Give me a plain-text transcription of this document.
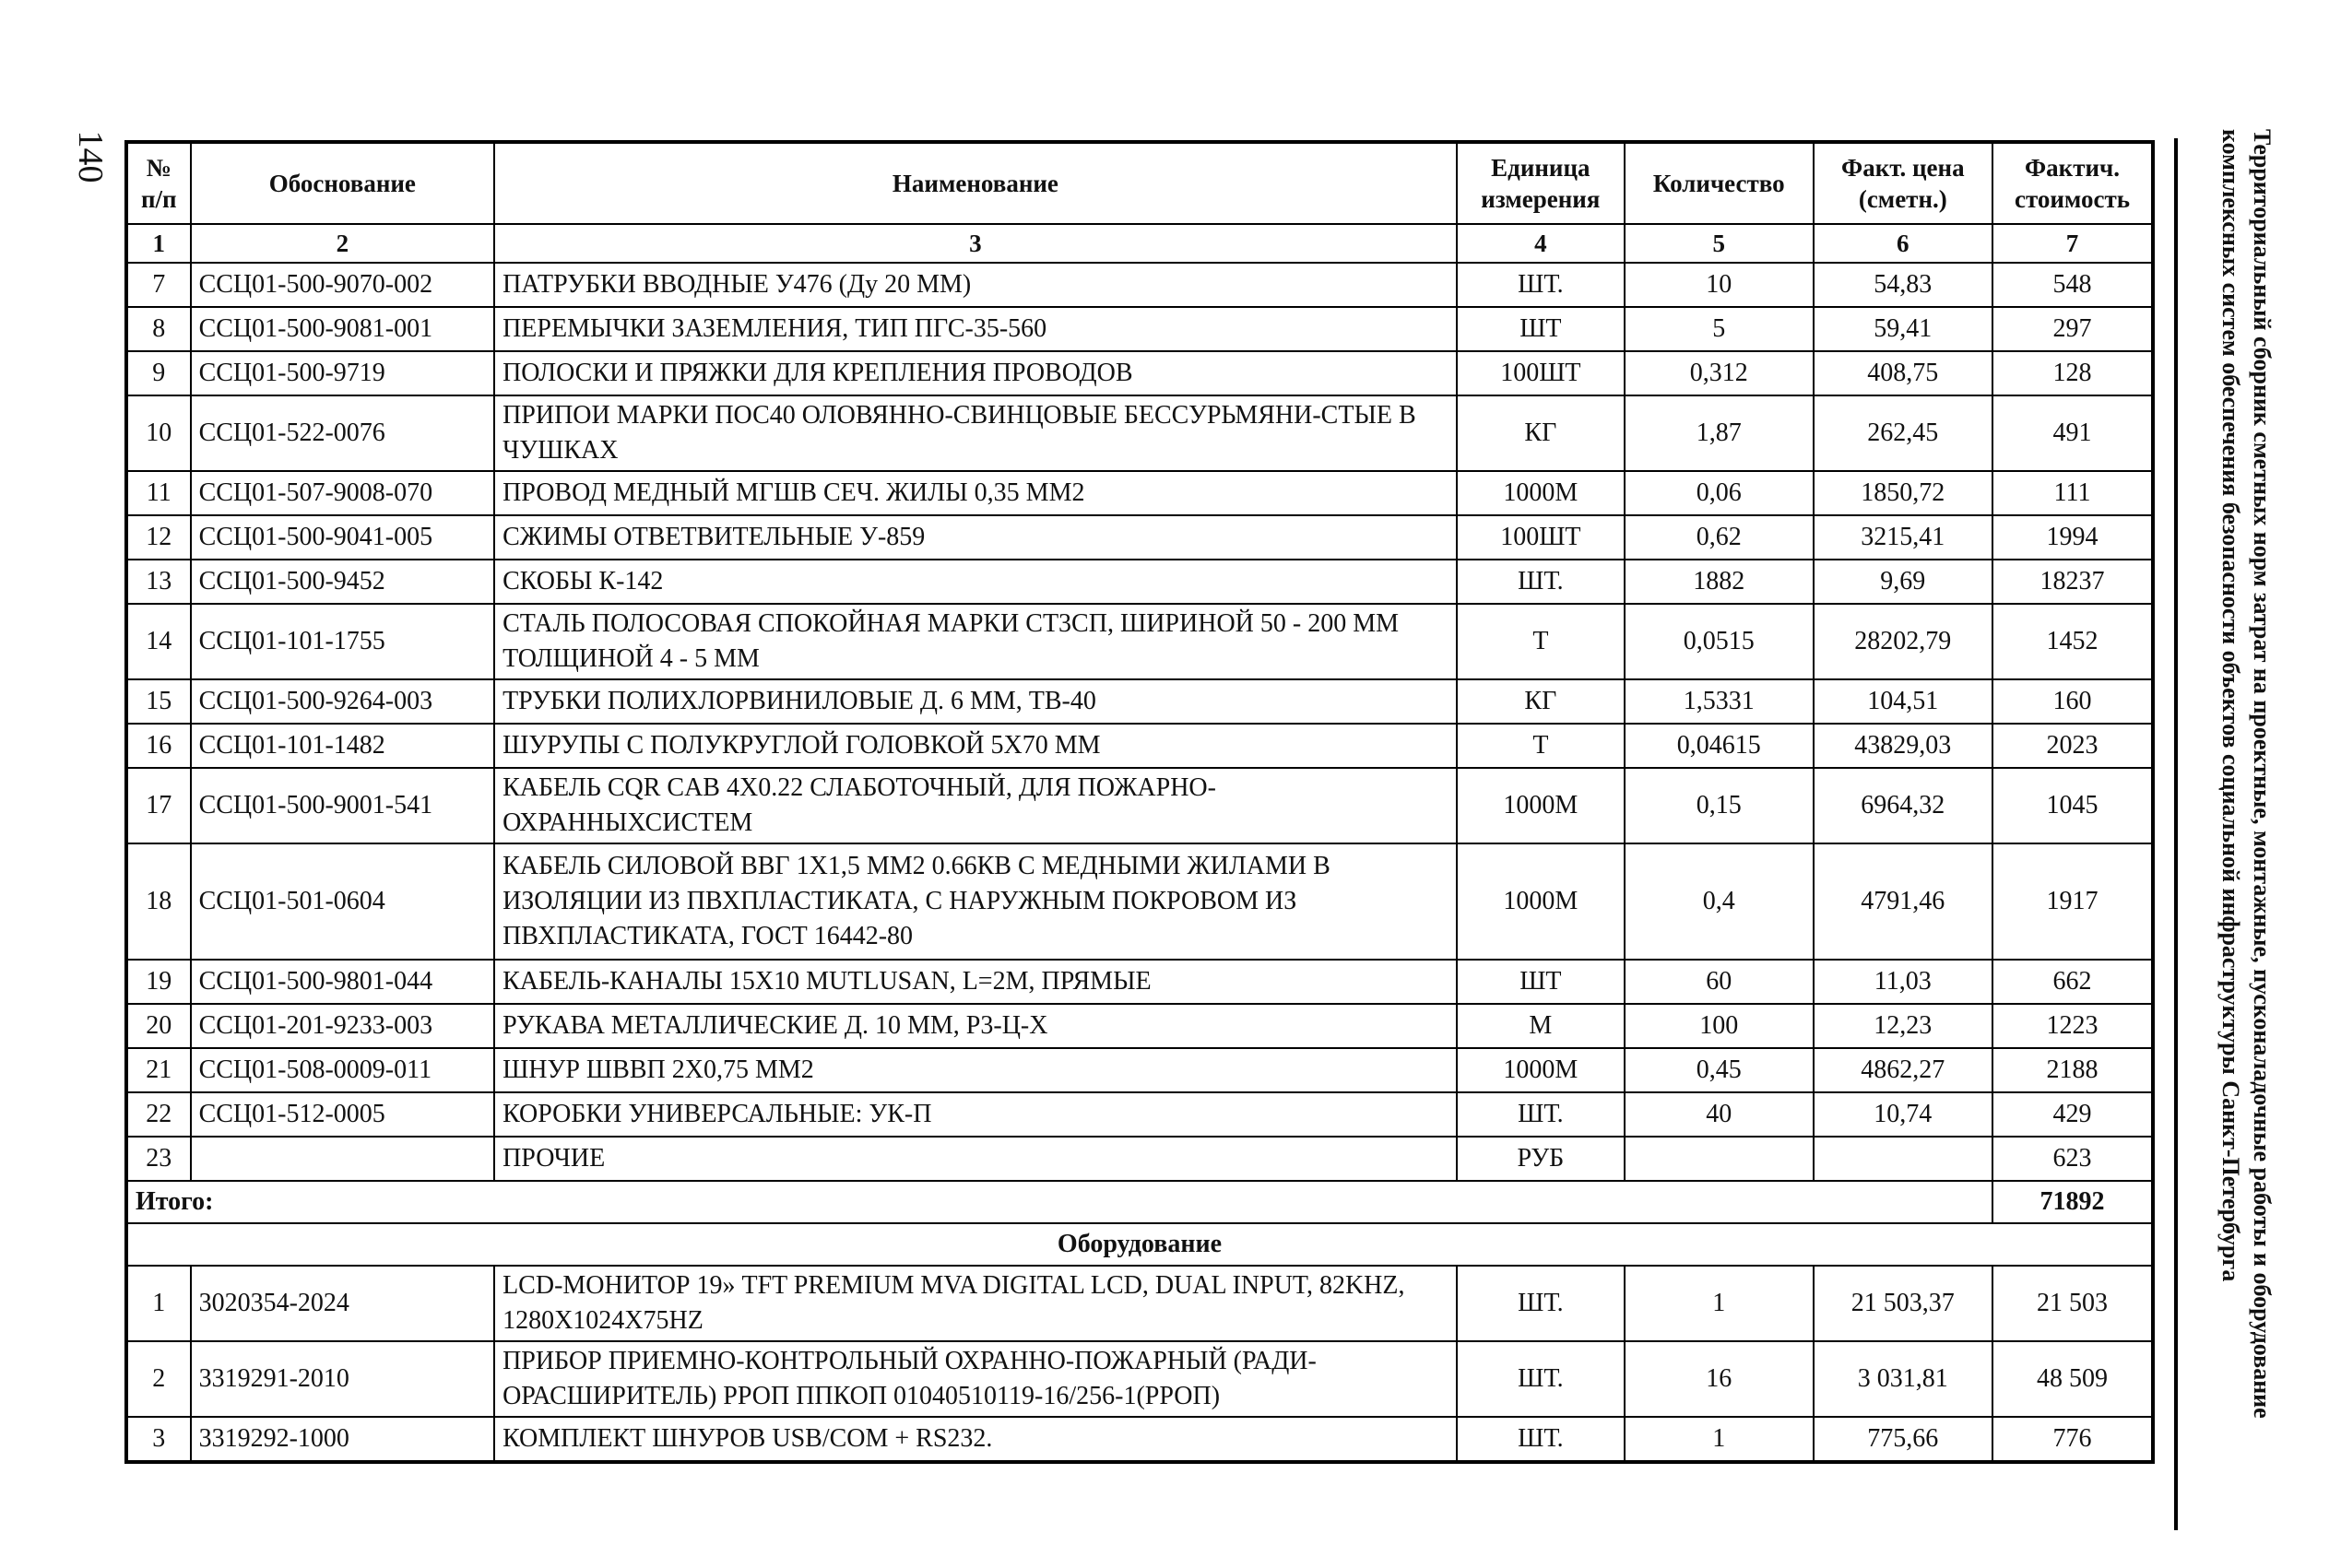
140	№ п/п	Обоснование	Наименование	Единица измерения	Количество	Факт. цена (сметн.)	Фактич. стоимость
1	2	3	4	5	6	7
7	ССЦ01-500-9070-002	ПАТРУБКИ ВВОДНЫЕ У476 (Ду 20 ММ)	ШТ.	10	54,83	548
8	ССЦ01-500-9081-001	ПЕРЕМЫЧКИ ЗАЗЕМЛЕНИЯ, ТИП ПГС-35-560	ШТ	5	59,41	297
9	ССЦ01-500-9719	ПОЛОСКИ И ПРЯЖКИ ДЛЯ КРЕПЛЕНИЯ ПРОВОДОВ	100ШТ	0,312	408,75	128
10	ССЦ01-522-0076	ПРИПОИ МАРКИ ПОС40 ОЛОВЯННО-СВИНЦОВЫЕ БЕССУРЬМЯНИ-СТЫЕ В ЧУШКАХ	КГ	1,87	262,45	491
11	ССЦ01-507-9008-070	ПРОВОД МЕДНЫЙ МГШВ СЕЧ. ЖИЛЫ 0,35 ММ2	1000М	0,06	1850,72	111
12	ССЦ01-500-9041-005	СЖИМЫ ОТВЕТВИТЕЛЬНЫЕ У-859	100ШТ	0,62	3215,41	1994
13	ССЦ01-500-9452	СКОБЫ К-142	ШТ.	1882	9,69	18237
14	ССЦ01-101-1755	СТАЛЬ ПОЛОСОВАЯ СПОКОЙНАЯ МАРКИ СТ3СП, ШИРИНОЙ 50 - 200 ММ ТОЛЩИНОЙ 4 - 5 ММ	Т	0,0515	28202,79	1452
15	ССЦ01-500-9264-003	ТРУБКИ ПОЛИХЛОРВИНИЛОВЫЕ Д. 6 ММ, ТВ-40	КГ	1,5331	104,51	160
16	ССЦ01-101-1482	ШУРУПЫ С ПОЛУКРУГЛОЙ ГОЛОВКОЙ 5Х70 ММ	Т	0,04615	43829,03	2023
17	ССЦ01-500-9001-541	КАБЕЛЬ CQR CAB 4X0.22 СЛАБОТОЧНЫЙ, ДЛЯ ПОЖАРНО-ОХРАННЫХСИСТЕМ	1000М	0,15	6964,32	1045
18	ССЦ01-501-0604	КАБЕЛЬ СИЛОВОЙ ВВГ 1Х1,5 ММ2 0.66КВ С МЕДНЫМИ ЖИЛАМИ В ИЗОЛЯЦИИ ИЗ ПВХПЛАСТИКАТА, С НАРУЖНЫМ ПОКРОВОМ ИЗ ПВХПЛАСТИКАТА, ГОСТ 16442-80	1000М	0,4	4791,46	1917
19	ССЦ01-500-9801-044	КАБЕЛЬ-КАНАЛЫ 15Х10 MUTLUSAN, L=2M, ПРЯМЫЕ	ШТ	60	11,03	662
20	ССЦ01-201-9233-003	РУКАВА МЕТАЛЛИЧЕСКИЕ Д. 10 ММ, Р3-Ц-Х	М	100	12,23	1223
21	ССЦ01-508-0009-011	ШНУР ШВВП 2Х0,75 ММ2	1000М	0,45	4862,27	2188
22	ССЦ01-512-0005	КОРОБКИ УНИВЕРСАЛЬНЫЕ: УК-П	ШТ.	40	10,74	429
23		ПРОЧИЕ	РУБ			623
Итого:						71892
Оборудование						
1	3020354-2024	LCD-МОНИТОР 19» TFT PREMIUM MVA DIGITAL LCD, DUAL INPUT, 82KHZ, 1280Х1024Х75HZ	ШТ.	1	21 503,37	21 503
2	3319291-2010	ПРИБОР ПРИЕМНО-КОНТРОЛЬНЫЙ ОХРАННО-ПОЖАРНЫЙ (РАДИ-ОРАСШИРИТЕЛЬ) РРОП ППКОП 01040510119-16/256-1(РРОП)	ШТ.	16	3 031,81	48 509
3	3319292-1000	КОМПЛЕКТ ШНУРОВ USB/COM + RS232.	ШТ.	1	775,66	776
Территориальный сборник сметных норм затрат на проектные, монтажные, пусконаладочные работы и оборудование
комплексных систем обеспечения безопасности объектов социальной инфраструктуры Санкт-Петербурга
